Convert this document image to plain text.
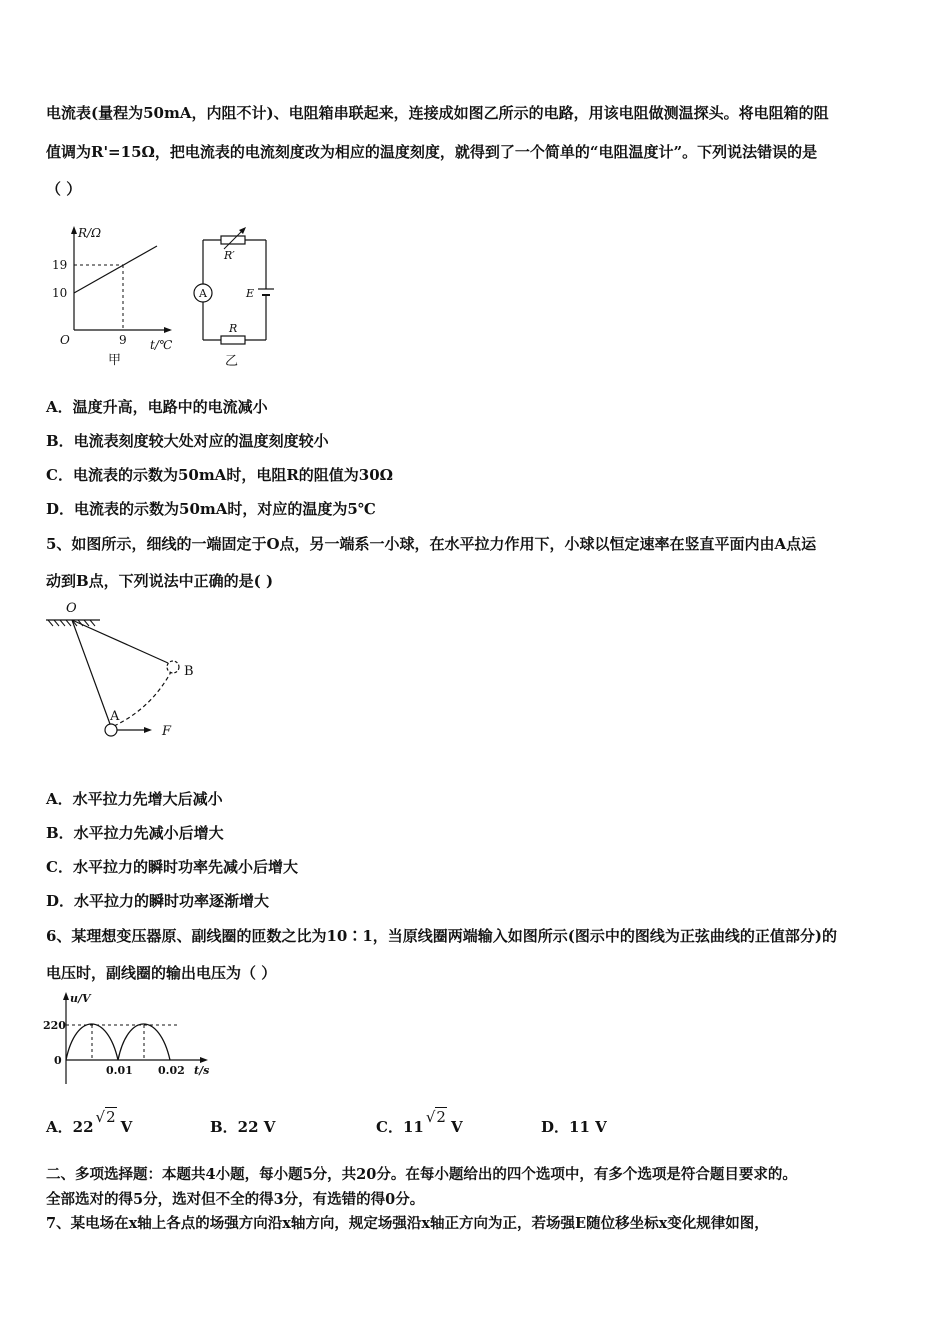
电流表(量程为50mA，内阻不计)、电阻箱串联起来，连接成如图乙所示的电路，用该电阻做测温探头。将电阻箱的阻
值调为R'=15Ω，把电流表的电流刻度改为相应的温度刻度，就得到了一个简单的“电阻温度计”。下列说法错误的是
（ ）
R/Ω
19
10
O	9 t/℃
甲
R′
A	E
R
乙
A．温度升高，电路中的电流减小
B．电流表刻度较大处对应的温度刻度较小
C．电流表的示数为50mA时，电阻R的阻值为30Ω
D．电流表的示数为50mA时，对应的温度为5℃
5、如图所示，细线的一端固定于O点，另一端系一小球，在水平拉力作用下，小球以恒定速率在竖直平面内由A点运
动到B点，下列说法中正确的是( )
O
A
B
F
A．水平拉力先增大后减小
B．水平拉力先减小后增大
C．水平拉力的瞬时功率先减小后增大
D．水平拉力的瞬时功率逐渐增大
6、某理想变压器原、副线圈的匝数之比为10∶1，当原线圈两端输入如图所示(图示中的图线为正弦曲线的正值部分)的
电压时，副线圈的输出电压为（ ）
u/V
220
0
0.01 0.02 t/s
A．22√2V	B．22 V	C．11√2V	D．11 V
二、多项选择题：本题共4小题，每小题5分，共20分。在每小题给出的四个选项中，有多个选项是符合题目要求的。
全部选对的得5分，选对但不全的得3分，有选错的得0分。
7、某电场在x轴上各点的场强方向沿x轴方向，规定场强沿x轴正方向为正，若场强E随位移坐标x变化规律如图，
